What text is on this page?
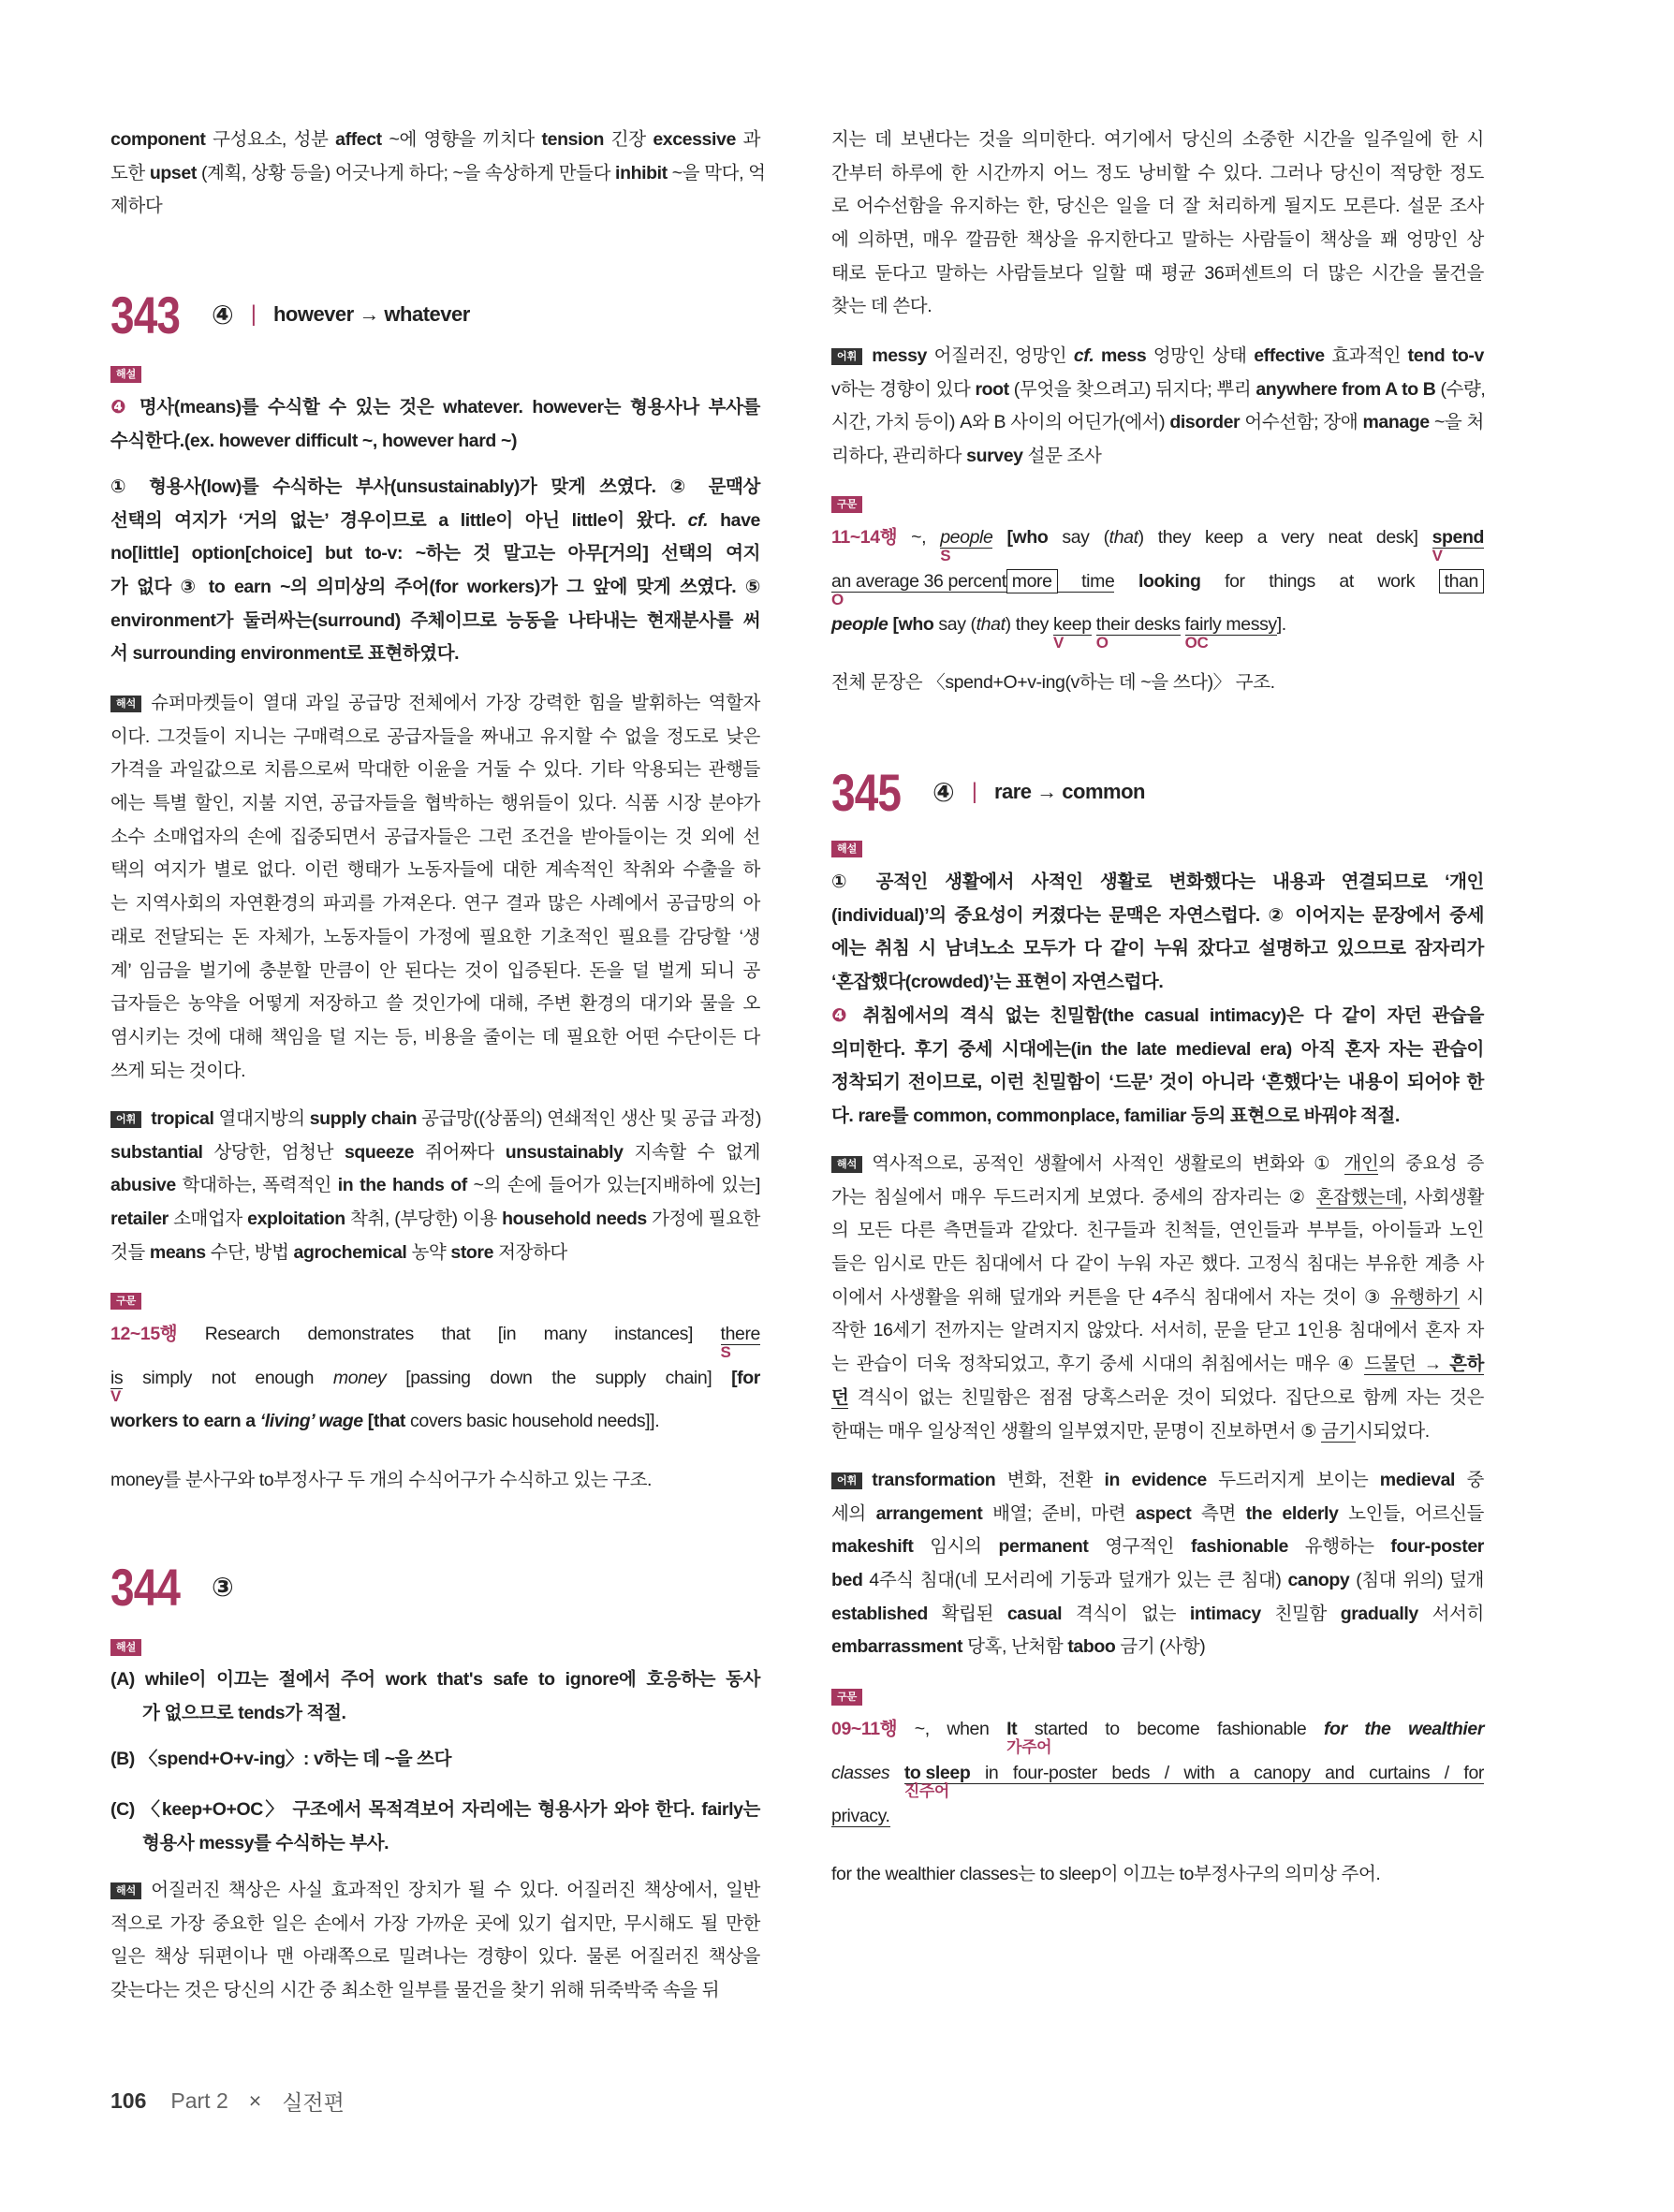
component 구성요소, 성분 affect ~에 영향을 끼치다 tension 긴장 excessive 과
도한 upset (계획, 상황 등을) 어긋나게 하다; ~을 속상하게 만들다 inhibit ~을 막다, 억
제하다
343 ④ | however → whatever
해설
❹ 명사(means)를 수식할 수 있는 것은 whatever. however는 형용사나 부사를
수식한다.(ex. however difficult ~, however hard ~)
① 형용사(low)를 수식하는 부사(unsustainably)가 맞게 쓰였다. ② 문맥상
선택의 여지가 ‘거의 없는’ 경우이므로 a little이 아닌 little이 왔다. cf. have
no[little] option[choice] but to-v: ~하는 것 말고는 아무[거의] 선택의 여지
가 없다 ③ to earn ~의 의미상의 주어(for workers)가 그 앞에 맞게 쓰였다. ⑤
environment가 둘러싸는(surround) 주체이므로 능동을 나타내는 현재분사를 써
서 surrounding environment로 표현하였다.
해석 슈퍼마켓들이 열대 과일 공급망 전체에서 가장 강력한 힘을 발휘하는 역할자
이다. 그것들이 지니는 구매력으로 공급자들을 짜내고 유지할 수 없을 정도로 낮은
가격을 과일값으로 치름으로써 막대한 이윤을 거둘 수 있다. 기타 악용되는 관행들
에는 특별 할인, 지불 지연, 공급자들을 협박하는 행위들이 있다. 식품 시장 분야가
소수 소매업자의 손에 집중되면서 공급자들은 그런 조건을 받아들이는 것 외에 선
택의 여지가 별로 없다. 이런 행태가 노동자들에 대한 계속적인 착취와 수출을 하
는 지역사회의 자연환경의 파괴를 가져온다. 연구 결과 많은 사례에서 공급망의 아
래로 전달되는 돈 자체가, 노동자들이 가정에 필요한 기초적인 필요를 감당할 ‘생
계’ 임금을 벌기에 충분할 만큼이 안 된다는 것이 입증된다. 돈을 덜 벌게 되니 공
급자들은 농약을 어떻게 저장하고 쓸 것인가에 대해, 주변 환경의 대기와 물을 오
염시키는 것에 대해 책임을 덜 지는 등, 비용을 줄이는 데 필요한 어떤 수단이든 다
쓰게 되는 것이다.
어휘 tropical 열대지방의 supply chain 공급망((상품의) 연쇄적인 생산 및 공급 과정)
substantial 상당한, 엄청난 squeeze 쥐어짜다 unsustainably 지속할 수 없게
abusive 학대하는, 폭력적인 in the hands of ~의 손에 들어가 있는[지배하에 있는]
retailer 소매업자 exploitation 착취, (부당한) 이용 household needs 가정에 필요한
것들 means 수단, 방법 agrochemical 농약 store 저장하다
구문
12~15행 Research demonstrates that [in many instances] there
S
$\frac{is}{V}$ simply not enough money [passing down the supply chain] [for
workers to earn a ‘living’ wage [that covers basic household needs]].
money를 분사구와 to부정사구 두 개의 수식어구가 수식하고 있는 구조.
344 ③
해설
(A) while이 이끄는 절에서 주어 work that's safe to ignore에 호응하는 동사
가 없으므로 tends가 적절.
(B) 〈spend+O+v-ing〉: v하는 데 ~을 쓰다
(C) 〈keep+O+OC〉 구조에서 목적격보어 자리에는 형용사가 와야 한다. fairly는
형용사 messy를 수식하는 부사.
해석 어질러진 책상은 사실 효과적인 장치가 될 수 있다. 어질러진 책상에서, 일반
적으로 가장 중요한 일은 손에서 가장 가까운 곳에 있기 쉽지만, 무시해도 될 만한
일은 책상 뒤편이나 맨 아래쪽으로 밀려나는 경향이 있다. 물론 어질러진 책상을
갖는다는 것은 당신의 시간 중 최소한 일부를 물건을 찾기 위해 뒤죽박죽 속을 뒤
106 Part 2 × 실전편
지는 데 보낸다는 것을 의미한다. 여기에서 당신의 소중한 시간을 일주일에 한 시
간부터 하루에 한 시간까지 어느 정도 낭비할 수 있다. 그러나 당신이 적당한 정도
로 어수선함을 유지하는 한, 당신은 일을 더 잘 처리하게 될지도 모른다. 설문 조사
에 의하면, 매우 깔끔한 책상을 유지한다고 말하는 사람들이 책상을 꽤 엉망인 상
태로 둔다고 말하는 사람들보다 일할 때 평균 36퍼센트의 더 많은 시간을 물건을
찾는 데 쓴다.
어휘 messy 어질러진, 엉망인 cf. mess 엉망인 상태 effective 효과적인 tend to-v
v하는 경향이 있다 root (무엇을 찾으려고) 뒤지다; 뿌리 anywhere from A to B (수량,
시간, 가치 등이) A와 B 사이의 어딘가(에서) disorder 어수선함; 장애 manage ~을 처
리하다, 관리하다 survey 설문 조사
구문
11~14행 ~, people
S
[who say (that) they keep a very neat desk] spend
V
an average 36 percent
O
more time looking for things at work than
people [who say (that) they keep
V
their desks
O
fairly messy
OC
].
전체 문장은 〈spend+O+v-ing(v하는 데 ~을 쓰다)〉 구조.
345 ④ | rare → common
해설
① 공적인 생활에서 사적인 생활로 변화했다는 내용과 연결되므로 ‘개인
(individual)’의 중요성이 커졌다는 문맥은 자연스럽다. ② 이어지는 문장에서 중세
에는 취침 시 남녀노소 모두가 다 같이 누워 잤다고 설명하고 있으므로 잠자리가
‘혼잡했다(crowded)’는 표현이 자연스럽다.
❹ 취침에서의 격식 없는 친밀함(the casual intimacy)은 다 같이 자던 관습을
의미한다. 후기 중세 시대에는(in the late medieval era) 아직 혼자 자는 관습이
정착되기 전이므로, 이런 친밀함이 ‘드문’ 것이 아니라 ‘흔했다’는 내용이 되어야 한
다. rare를 common, commonplace, familiar 등의 표현으로 바꿔야 적절.
해석 역사적으로, 공적인 생활에서 사적인 생활로의 변화와 ① 개인의 중요성 증
가는 침실에서 매우 두드러지게 보였다. 중세의 잠자리는 ② 혼잡했는데, 사회생활
의 모든 다른 측면들과 같았다. 친구들과 친척들, 연인들과 부부들, 아이들과 노인
들은 임시로 만든 침대에서 다 같이 누워 자곤 했다. 고정식 침대는 부유한 계층 사
이에서 사생활을 위해 덮개와 커튼을 단 4주식 침대에서 자는 것이 ③ 유행하기 시
작한 16세기 전까지는 알려지지 않았다. 서서히, 문을 닫고 1인용 침대에서 혼자 자
는 관습이 더욱 정착되었고, 후기 중세 시대의 취침에서는 매우 ④ 드물던 → 흔하
던 격식이 없는 친밀함은 점점 당혹스러운 것이 되었다. 집단으로 함께 자는 것은
한때는 매우 일상적인 생활의 일부였지만, 문명이 진보하면서 ⑤ 금기시되었다.
어휘 transformation 변화, 전환 in evidence 두드러지게 보이는 medieval 중
세의 arrangement 배열; 준비, 마련 aspect 측면 the elderly 노인들, 어르신들
makeshift 임시의 permanent 영구적인 fashionable 유행하는 four-poster
bed 4주식 침대(네 모서리에 기둥과 덮개가 있는 큰 침대) canopy (침대 위의) 덮개
established 확립된 casual 격식이 없는 intimacy 친밀함 gradually 서서히
embarrassment 당혹, 난처함 taboo 금기 (사항)
구문
09~11행 ~, when It
가주어
started to become fashionable for the wealthier
classes to sleep
진주어
in four-poster beds / with a canopy and curtains / for
privacy.
for the wealthier classes는 to sleep이 이끄는 to부정사구의 의미상 주어.
